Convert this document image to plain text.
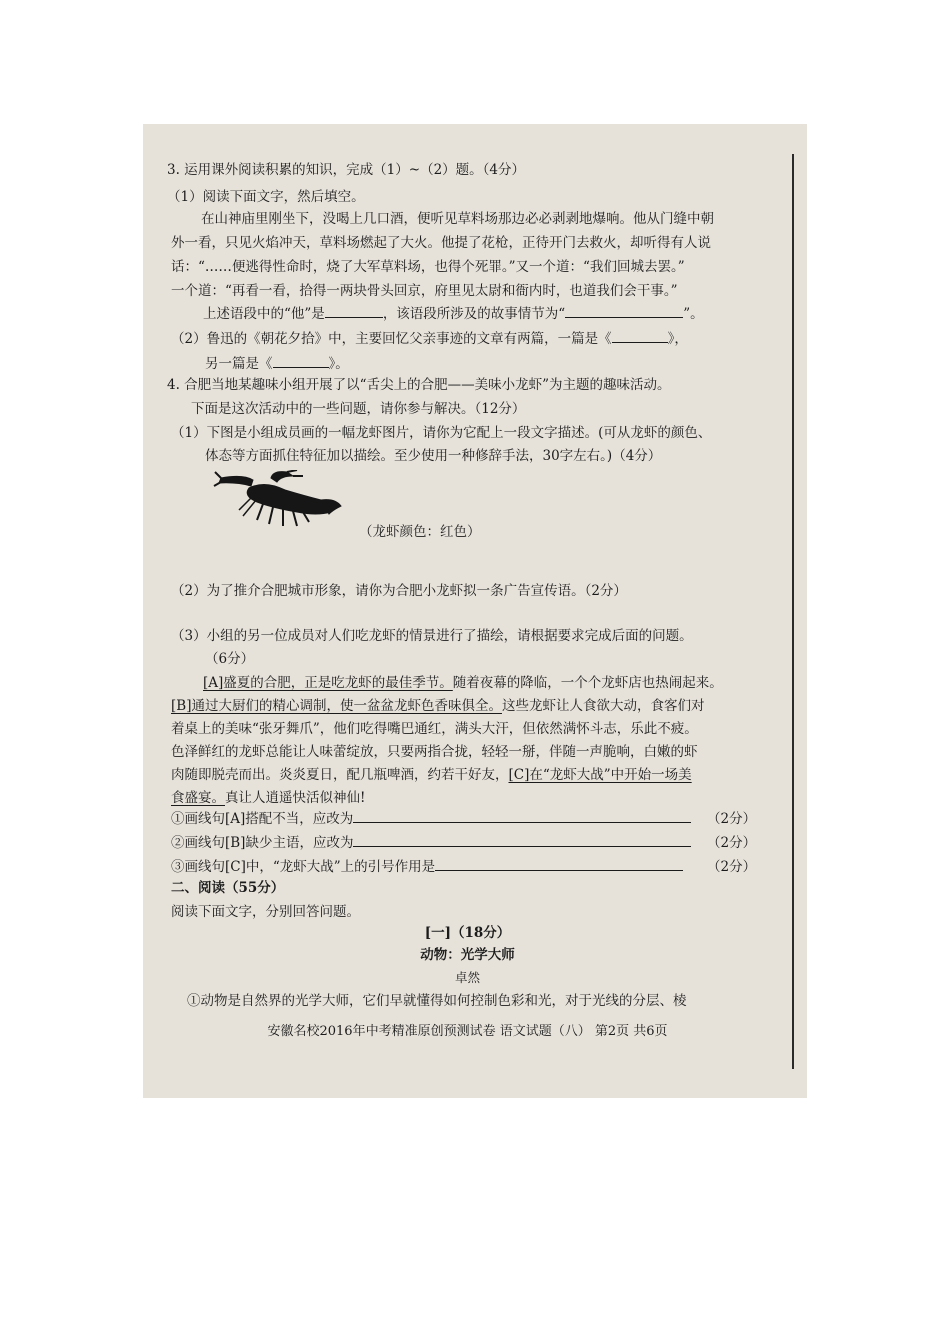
3. 运用课外阅读积累的知识，完成（1）~（2）题。（4分）
（1）阅读下面文字，然后填空。
在山神庙里刚坐下，没喝上几口酒，便听见草料场那边必必剥剥地爆响。他从门缝中朝
外一看，只见火焰冲天，草料场燃起了大火。他提了花枪，正待开门去救火，却听得有人说
话：“……便逃得性命时，烧了大军草料场，也得个死罪。”又一个道：“我们回城去罢。”
一个道：“再看一看，拾得一两块骨头回京，府里见太尉和衙内时，也道我们会干事。”
上述语段中的“他”是	，该语段所涉及的故事情节为“	”。
（2）鲁迅的《朝花夕拾》中，主要回忆父亲事迹的文章有两篇，一篇是《	》，
另一篇是《	》。
4. 合肥当地某趣味小组开展了以“舌尖上的合肥——美味小龙虾”为主题的趣味活动。
下面是这次活动中的一些问题，请你参与解决。（12分）
（1）下图是小组成员画的一幅龙虾图片，请你为它配上一段文字描述。(可从龙虾的颜色、
体态等方面抓住特征加以描绘。至少使用一种修辞手法，30字左右。)（4分）
（龙虾颜色：红色）
（2）为了推介合肥城市形象，请你为合肥小龙虾拟一条广告宣传语。（2分）
（3）小组的另一位成员对人们吃龙虾的情景进行了描绘，请根据要求完成后面的问题。
（6分）
[A]盛夏的合肥，正是吃龙虾的最佳季节。随着夜幕的降临，一个个龙虾店也热闹起来。
[B]通过大厨们的精心调制，使一盆盆龙虾色香味俱全。这些龙虾让人食欲大动，食客们对
着桌上的美味“张牙舞爪”，他们吃得嘴巴通红，满头大汗，但依然满怀斗志，乐此不疲。
色泽鲜红的龙虾总能让人味蕾绽放，只要两指合拢，轻轻一掰，伴随一声脆响，白嫩的虾
肉随即脱壳而出。炎炎夏日，配几瓶啤酒，约若干好友，[C]在“龙虾大战”中开始一场美
食盛宴。真让人逍遥快活似神仙!
①画线句[A]搭配不当，应改为	（2分）
②画线句[B]缺少主语，应改为	（2分）
③画线句[C]中，“龙虾大战”上的引号作用是	（2分）
二、阅读（55分）
阅读下面文字，分别回答问题。
[一]（18分）
动物：光学大师
卓然
①动物是自然界的光学大师，它们早就懂得如何控制色彩和光，对于光线的分层、棱
安徽名校2016年中考精准原创预测试卷 语文试题（八） 第2页 共6页
